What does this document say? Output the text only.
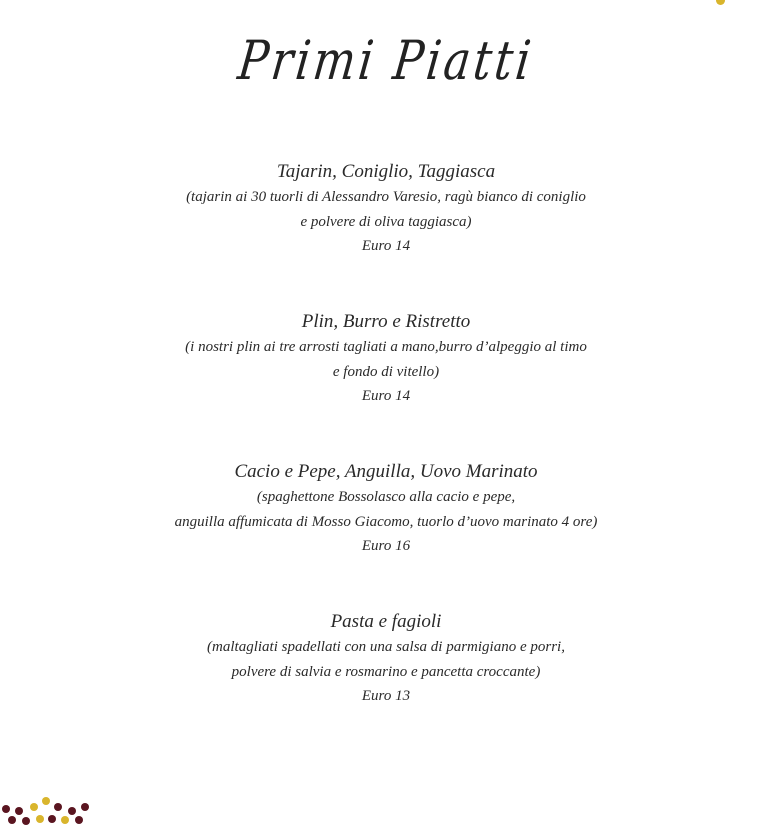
Primi Piatti

Tajarin, Coniglio, Taggiasca

(tajarin ai 30 tuorli di Alessandro Varesio, ragù bianco di coniglio

e polvere di oliva taggiasca)

Euro 14

Plin, Burro e Ristretto

(i nostri plin ai tre arrosti tagliati a mano,burro d’alpeggio al timo

e fondo di vitello)

Euro 14

Cacio e Pepe, Anguilla, Uovo Marinato

(spaghettone Bossolasco alla cacio e pepe,

anguilla affumicata di Mosso Giacomo, tuorlo d’uovo marinato 4 ore)

Euro 16

Pasta e fagioli

(maltagliati spadellati con una salsa di parmigiano e porri,

polvere di salvia e rosmarino e pancetta croccante)

Euro 13
